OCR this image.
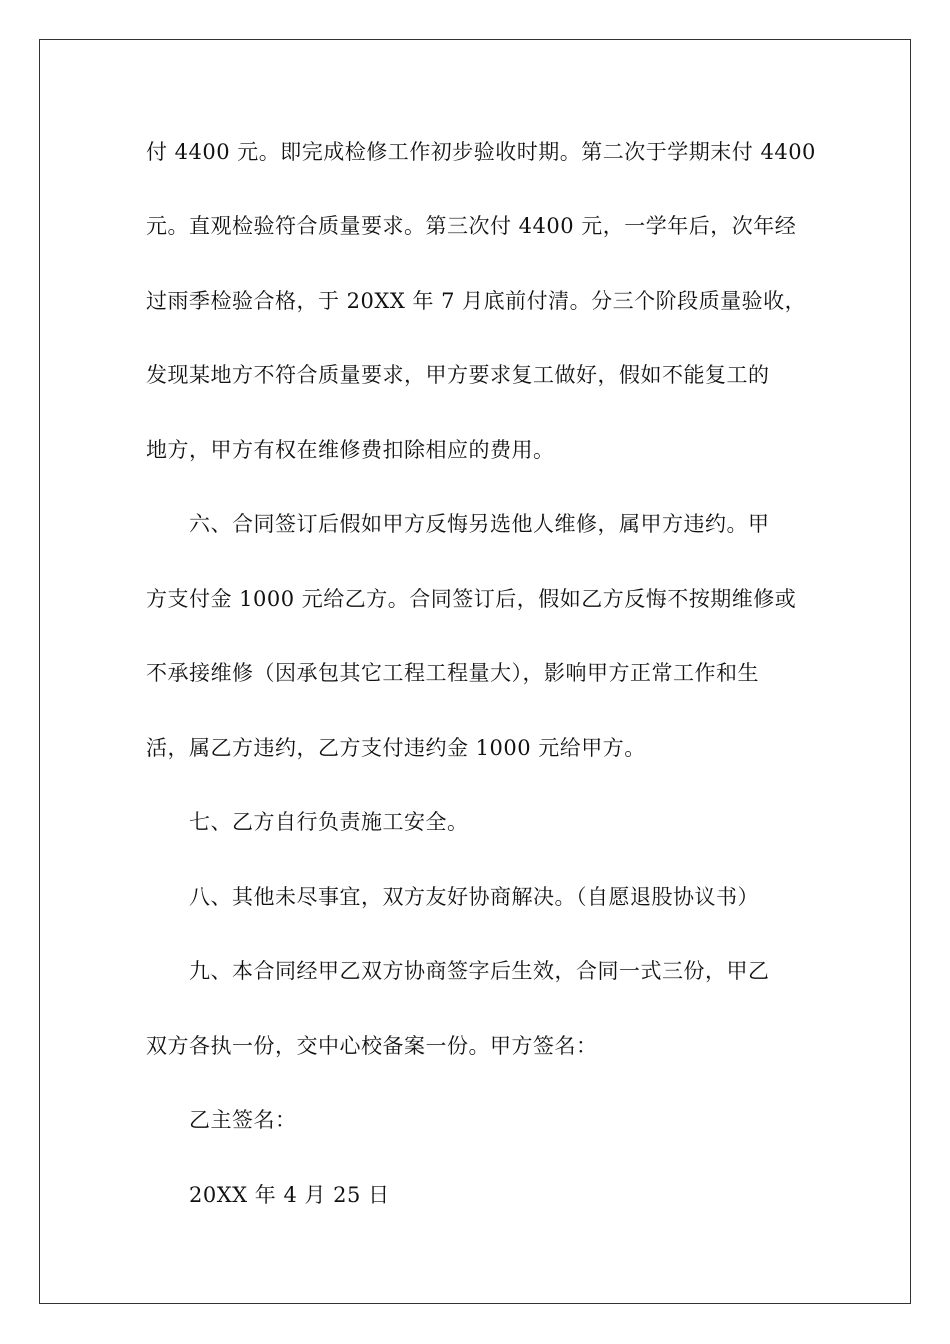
付 4400 元。即完成检修工作初步验收时期。第二次于学期末付 4400
元。直观检验符合质量要求。第三次付 4400 元，一学年后，次年经
过雨季检验合格，于 20XX 年 7 月底前付清。分三个阶段质量验收，
发现某地方不符合质量要求，甲方要求复工做好，假如不能复工的
地方，甲方有权在维修费扣除相应的费用。
六、合同签订后假如甲方反悔另选他人维修，属甲方违约。甲
方支付金 1000 元给乙方。合同签订后，假如乙方反悔不按期维修或
不承接维修（因承包其它工程工程量大），影响甲方正常工作和生
活，属乙方违约，乙方支付违约金 1000 元给甲方。
七、乙方自行负责施工安全。
八、其他未尽事宜，双方友好协商解决。（自愿退股协议书）
九、本合同经甲乙双方协商签字后生效，合同一式三份，甲乙
双方各执一份，交中心校备案一份。甲方签名：
乙主签名：
20XX 年 4 月 25 日
